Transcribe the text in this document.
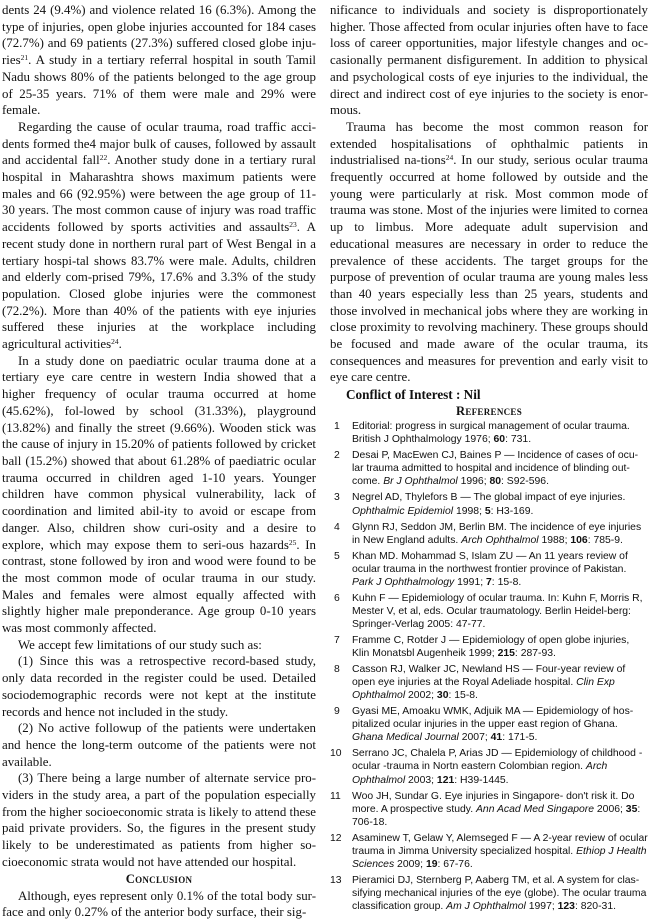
dents 24 (9.4%) and violence related 16 (6.3%). Among the type of injuries, open globe injuries accounted for 184 cases (72.7%) and 69 patients (27.3%) suffered closed globe inju-ries$^{21}$. A study in a tertiary referral hospital in south Tamil Nadu shows 80% of the patients belonged to the age group of 25-35 years. 71% of them were male and 29% were female.

Regarding the cause of ocular trauma, road traffic acci-dents formed the4 major bulk of causes, followed by assault and accidental fall$^{22}$. Another study done in a tertiary rural hospital in Maharashtra shows maximum patients were males and 66 (92.95%) were between the age group of 11-30 years. The most common cause of injury was road traffic accidents followed by sports activities and assaults$^{23}$. A recent study done in northern rural part of West Bengal in a tertiary hospi-tal shows 83.7% were male. Adults, children and elderly com-prised 79%, 17.6% and 3.3% of the study population. Closed globe injuries were the commonest (72.2%). More than 40% of the patients with eye injuries suffered these injuries at the workplace including agricultural activities$^{24}$.

In a study done on paediatric ocular trauma done at a tertiary eye care centre in western India showed that a higher frequency of ocular trauma occurred at home (45.62%), fol-lowed by school (31.33%), playground (13.82%) and finally the street (9.66%). Wooden stick was the cause of injury in 15.20% of patients followed by cricket ball (15.2%) showed that about 61.28% of paediatric ocular trauma occurred in children aged 1-10 years. Younger children have common physical vulnerability, lack of coordination and limited abil-ity to avoid or escape from danger. Also, children show curi-osity and a desire to explore, which may expose them to seri-ous hazards$^{25}$. In contrast, stone followed by iron and wood were found to be the most common mode of ocular trauma in our study. Males and females were almost equally affected with slightly higher male preponderance. Age group 0-10 years was most commonly affected.

We accept few limitations of our study such as:

(1) Since this was a retrospective record-based study, only data recorded in the register could be used. Detailed sociodemographic records were not kept at the institute records and hence not included in the study.

(2) No active followup of the patients were undertaken and hence the long-term outcome of the patients were not available.

(3) There being a large number of alternate service pro-viders in the study area, a part of the population especially from the higher socioeconomic strata is likely to attend these paid private providers. So, the figures in the present study likely to be underestimated as patients from higher so-cioeconomic strata would not have attended our hospital.

Conclusion

Although, eyes represent only 0.1% of the total body sur-face and only 0.27% of the anterior body surface, their sig-

nificance to individuals and society is disproportionately higher. Those affected from ocular injuries often have to face loss of career opportunities, major lifestyle changes and oc-casionally permanent disfigurement. In addition to physical and psychological costs of eye injuries to the individual, the direct and indirect cost of eye injuries to the society is enor-mous.

Trauma has become the most common reason for extended hospitalisations of ophthalmic patients in industrialised na-tions$^{24}$. In our study, serious ocular trauma frequently occurred at home followed by outside and the young were particularly at risk. Most common mode of trauma was stone. Most of the injuries were limited to cornea up to limbus. More adequate adult supervision and educational measures are necessary in order to reduce the prevalence of these accidents. The target groups for the purpose of prevention of ocular trauma are young males less than 40 years especially less than 25 years, students and those involved in mechanical jobs where they are working in close proximity to revolving machinery. These groups should be focused and made aware of the ocular trauma, its consequences and measures for prevention and early visit to eye care centre.

Conflict of Interest : Nil
References
1 Editorial: progress in surgical management of ocular trauma. British J Ophthalmology 1976; 60: 731.
2 Desai P, MacEwen CJ, Baines P — Incidence of cases of ocu-lar trauma admitted to hospital and incidence of blinding out-come. Br J Ophthalmol 1996; 80: S92-596.
3 Negrel AD, Thylefors B — The global impact of eye injuries. Ophthalmic Epidemiol 1998; 5: H3-169.
4 Glynn RJ, Seddon JM, Berlin BM. The incidence of eye injuries in New England adults. Arch Ophthalmol 1988; 106: 785-9.
5 Khan MD. Mohammad S, Islam ZU — An 11 years review of ocular trauma in the northwest frontier province of Pakistan. Park J Ophthalmology 1991; 7: 15-8.
6 Kuhn F — Epidemiology of ocular trauma. In: Kuhn F, Morris R, Mester V, et al, eds. Ocular traumatology. Berlin Heidel-berg: Springer-Verlag 2005: 47-77.
7 Framme C, Rotder J — Epidemiology of open globe injuries, Klin Monatsbl Augenheik 1999; 215: 287-93.
8 Casson RJ, Walker JC, Newland HS — Four-year review of open eye injuries at the Royal Adeliade hospital. Clin Exp Ophthalmol 2002; 30: 15-8.
9 Gyasi ME, Amoaku WMK, Adjuik MA — Epidemiology of hos-pitalized ocular injuries in the upper east region of Ghana. Ghana Medical Journal 2007; 41: 171-5.
10 Serrano JC, Chalela P, Arias JD — Epidemiology of childhood -ocular -trauma in Nortn eastern Colombian region. Arch Ophthalmol 2003; 121: H39-1445.
11 Woo JH, Sundar G. Eye injuries in Singapore- don't risk it. Do more. A prospective study. Ann Acad Med Singapore 2006; 35: 706-18.
12 Asaminew T, Gelaw Y, Alemseged F — A 2-year review of ocular trauma in Jimma University specialized hospital. Ethiop J Health Sciences 2009; 19: 67-76.
13 Pieramici DJ, Sternberg P, Aaberg TM, et al. A system for clas-sifying mechanical injuries of the eye (globe). The ocular trauma classification group. Am J Ophthalmol 1997; 123: 820-31.
